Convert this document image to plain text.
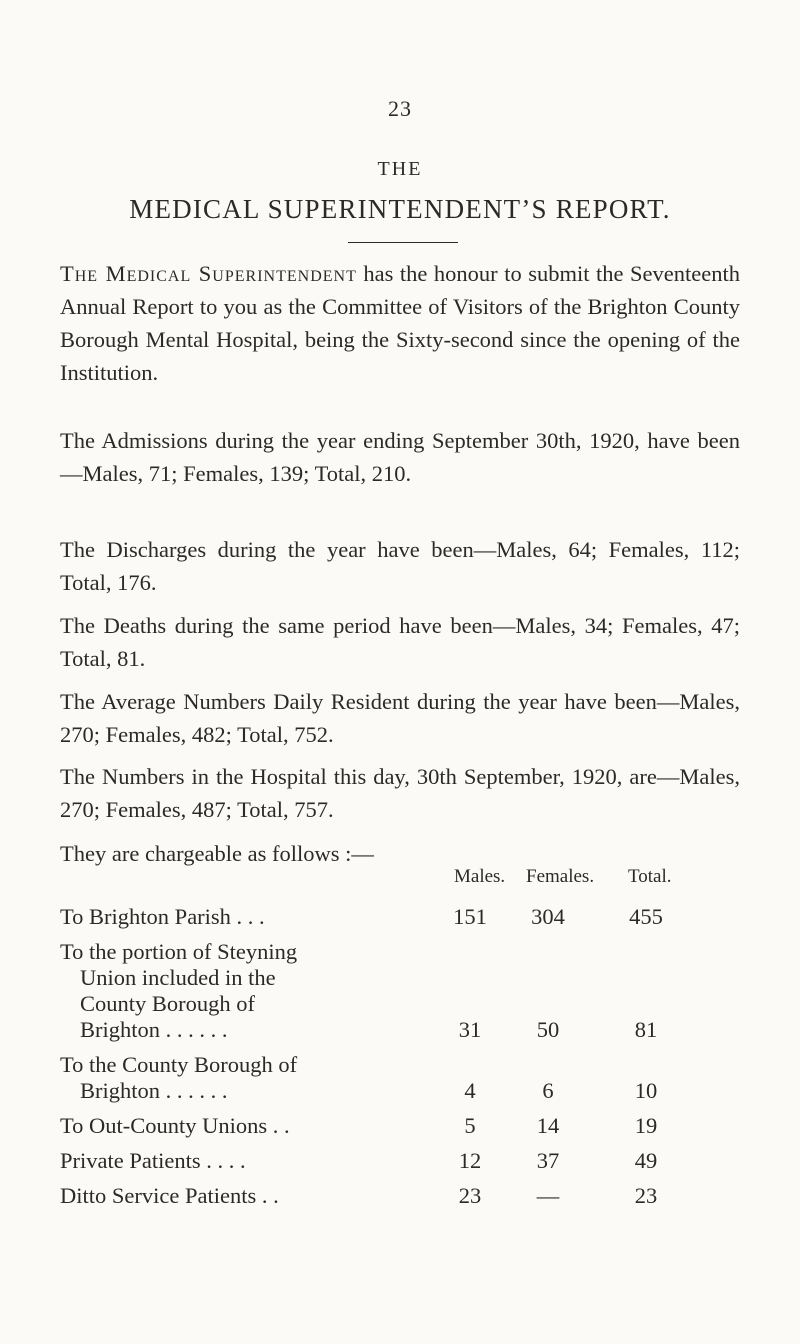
23
THE
MEDICAL SUPERINTENDENT’S REPORT.

The Medical Superintendent has the honour to submit the Seventeenth Annual Report to you as the Committee of Visitors of the Brighton County Borough Mental Hospital, being the Sixty-second since the opening of the Institution.

The Admissions during the year ending September 30th, 1920, have been—Males, 71; Females, 139; Total, 210.

The Discharges during the year have been—Males, 64; Females, 112; Total, 176.

The Deaths during the same period have been—Males, 34; Females, 47; Total, 81.

The Average Numbers Daily Resident during the year have been—Males, 270; Females, 482; Total, 752.

The Numbers in the Hospital this day, 30th September, 1920, are—Males, 270; Females, 487; Total, 757.

They are chargeable as follows :—

Males. Females. Total.
To Brighton Parish . . .	151	304	455
To the portion of Steyning
Union included in the
County Borough of
Brighton . . . . . .	31	50	81
To the County Borough of
Brighton . . . . . .	4	6	10
To Out-County Unions . .	5	14	19
Private Patients . . . .	12	37	49
Ditto Service Patients . .	23	—	23
